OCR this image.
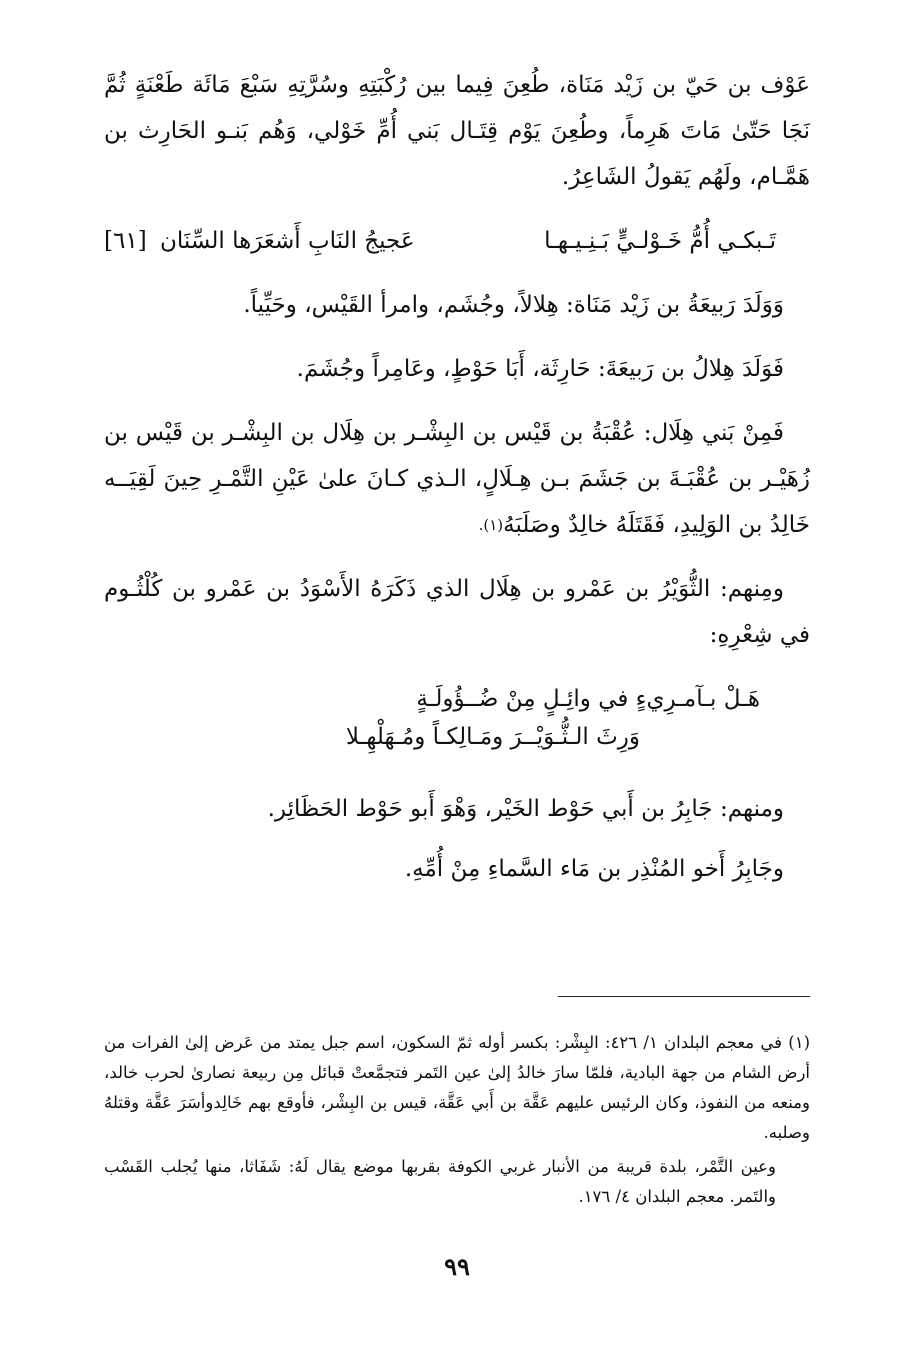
عَوْف بن حَيّ بن زَيْد مَنَاة، طُعِنَ فِيما بين رُكْبَتِهِ وسُرَّتِهِ سَبْعَ مَائَة طَعْنَةٍ ثُمَّ نَجَا حَتّىٰ مَاتَ هَرِماً، وطُعِنَ يَوْم قِتَـال بَني أُمِّ خَوْلي، وَهُم بَنـو الحَارِث بن هَمَّـام، ولَهُم يَقولُ الشَاعِرُ.

تَـبكـي أُمُّ خَـوْلـيٍّ بَـنِـيـهـا
عَجيجُ النَابِ أَشعَرَها السِّنَان [٦١]

وَوَلَدَ رَبيعَةُ بن زَيْد مَنَاة: هِلالاً، وجُشَم، وامرأ القَيْس، وحَيِّياً.

فَوَلَدَ هِلالُ بن رَبيعَةَ: حَارِثَة، أَبَا حَوْطٍ، وعَامِراً وجُشَمَ.

فَمِنْ بَني هِلَال: عُقْبَةُ بن قَيْس بن البِشْـر بن هِلَال بن البِشْـر بن قَيْس بن زُهَيْـر بن عُقْبَـةَ بن جَشَمَ بـن هِـلَالٍ، الـذي كـانَ علىٰ عَيْنِ التَّمْـرِ حِينَ لَقِيَــه خَالِدُ بن الوَلِيدِ، فَقَتَلَهُ خالِدٌ وصَلَبَهُ$^{(١).}$

ومِنهم: الثُّوَيْرُ بن عَمْرو بن هِلَال الذي ذَكَرَهُ الأَسْوَدُ بن عَمْرو بن كُلْثُـوم في شِعْرِهِ:

هَـلْ بـآمـرِيءٍ في وائِـلٍ مِنْ ضُــؤُولَـةٍ
وَرِثَ الـثُّـوَيْــرَ ومَـالِكـاً ومُـهَلْهِـلا

ومنهم: جَابِرُ بن أَبي حَوْط الخَيْر، وَهْوَ أَبو حَوْط الحَظَائِر.

وجَابِرُ أَخو المُنْذِر بن مَاء السَّماءِ مِنْ أُمِّهِ.

(١) في معجم البلدان ١/ ٤٢٦: البِشْر: بكسر أوله ثمّ السكون، اسم جبل يمتد من عَرض إلىٰ الفرات من أرض الشام من جهة البادية، فلمّا سارَ خالدُ إلىٰ عين التَمر فتجمَّعتْ قبائل مِن ربيعة نصارىٰ لحرب خالد، ومنعه من النفوذ، وكان الرئيس عليهم عَقَّة بن أَبي عَقَّة، قيس بن البِشْر، فأوقع بهم خَالِدوأسَرَ عَقَّة وقتلهُ وصلبه.

وعين التَّمْر، بلدة قريبة من الأنبار غربي الكوفة بقربها موضع يقال لَهُ: شَفَاثا، منها يُجلب القَسْب والتَمر. معجم البلدان ٤/ ١٧٦.

٩٩
